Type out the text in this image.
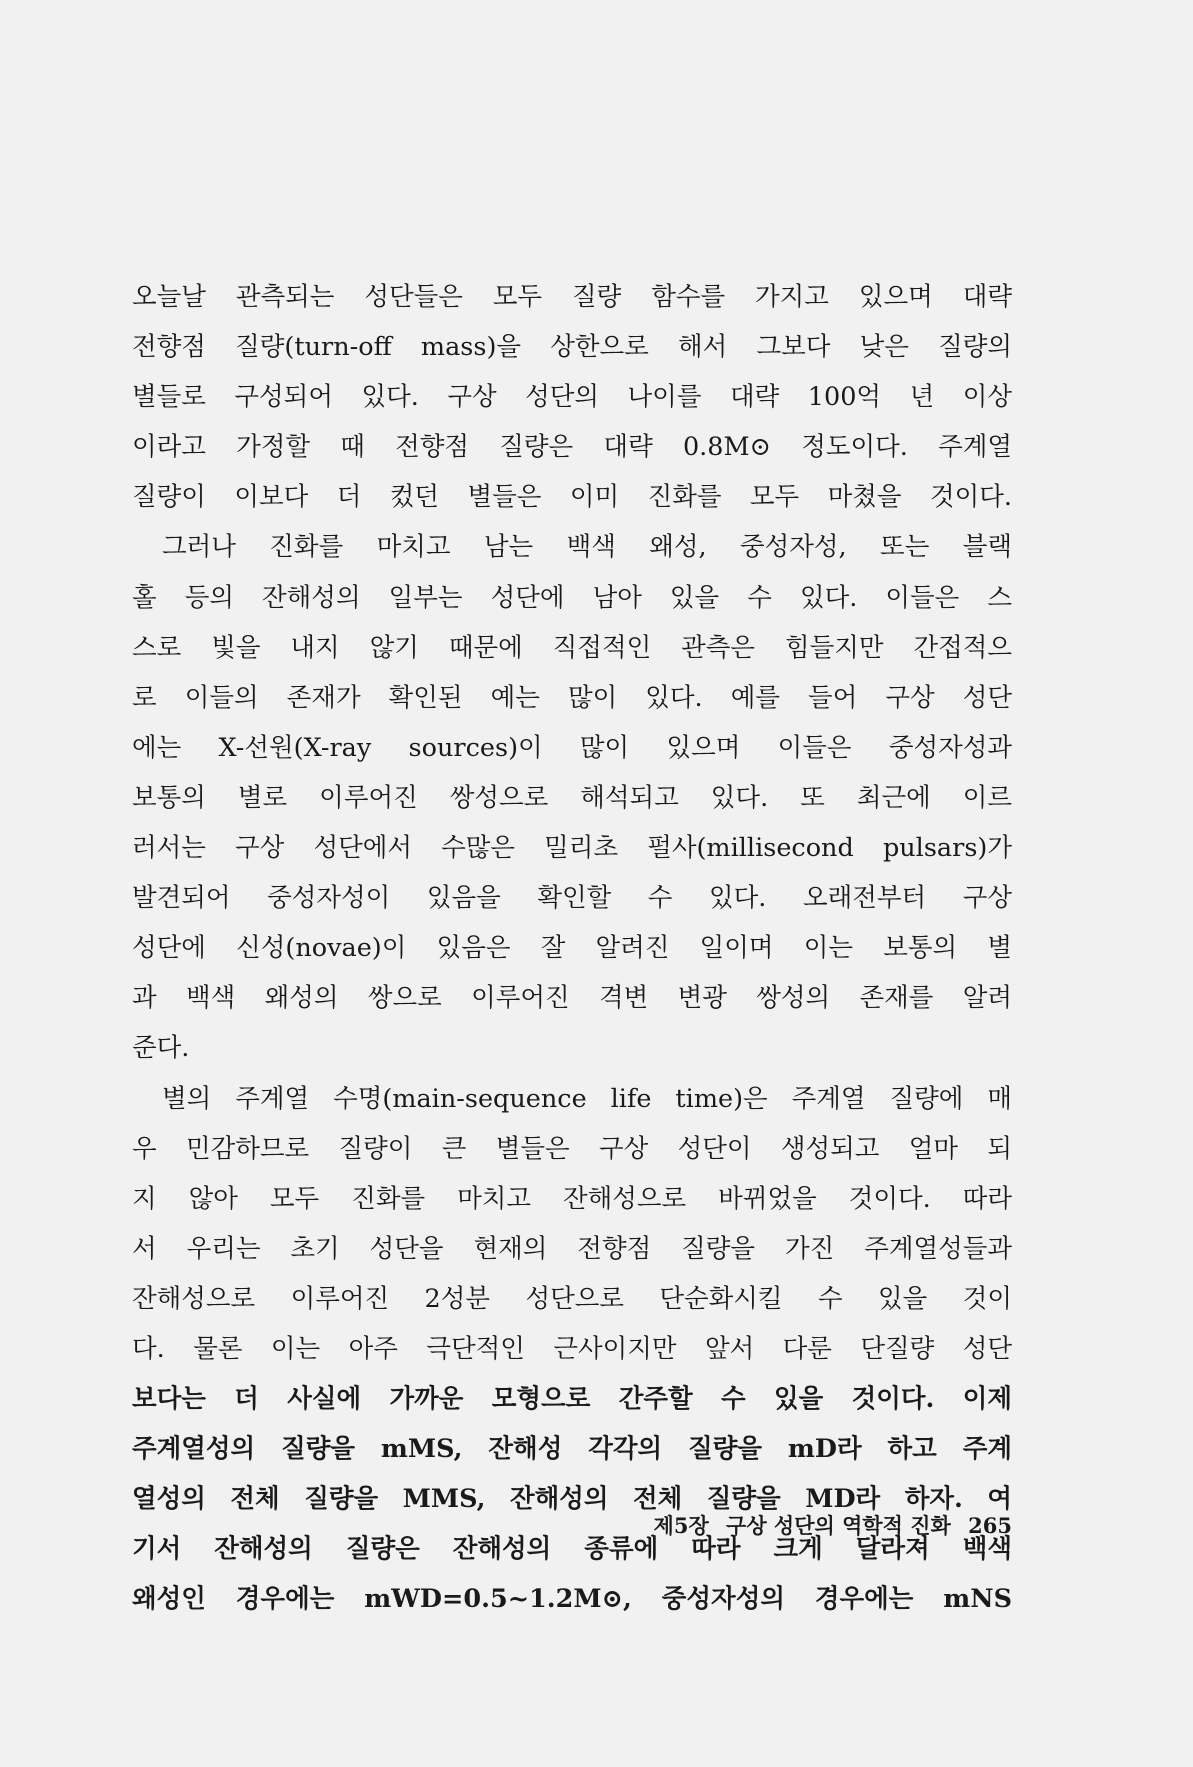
오늘날 관측되는 성단들은 모두 질량 함수를 가지고 있으며 대략
전향점 질량(turn-off mass)을 상한으로 해서 그보다 낮은 질량의
별들로 구성되어 있다. 구상 성단의 나이를 대략 100억 년 이상
이라고 가정할 때 전향점 질량은 대략 0.8M⊙ 정도이다. 주계열
질량이 이보다 더 컸던 별들은 이미 진화를 모두 마쳤을 것이다.
그러나 진화를 마치고 남는 백색 왜성, 중성자성, 또는 블랙
홀 등의 잔해성의 일부는 성단에 남아 있을 수 있다. 이들은 스
스로 빛을 내지 않기 때문에 직접적인 관측은 힘들지만 간접적으
로 이들의 존재가 확인된 예는 많이 있다. 예를 들어 구상 성단
에는 X-선원(X-ray sources)이 많이 있으며 이들은 중성자성과
보통의 별로 이루어진 쌍성으로 해석되고 있다. 또 최근에 이르
러서는 구상 성단에서 수많은 밀리초 펄사(millisecond pulsars)가
발견되어 중성자성이 있음을 확인할 수 있다. 오래전부터 구상
성단에 신성(novae)이 있음은 잘 알려진 일이며 이는 보통의 별
과 백색 왜성의 쌍으로 이루어진 격변 변광 쌍성의 존재를 알려
준다.
별의 주계열 수명(main-sequence life time)은 주계열 질량에 매
우 민감하므로 질량이 큰 별들은 구상 성단이 생성되고 얼마 되
지 않아 모두 진화를 마치고 잔해성으로 바뀌었을 것이다. 따라
서 우리는 초기 성단을 현재의 전향점 질량을 가진 주계열성들과
잔해성으로 이루어진 2성분 성단으로 단순화시킬 수 있을 것이
다. 물론 이는 아주 극단적인 근사이지만 앞서 다룬 단질량 성단
보다는 더 사실에 가까운 모형으로 간주할 수 있을 것이다. 이제
주계열성의 질량을 mMS, 잔해성 각각의 질량을 mD라 하고 주계
열성의 전체 질량을 MMS, 잔해성의 전체 질량을 MD라 하자. 여
기서 잔해성의 질량은 잔해성의 종류에 따라 크게 달라져 백색
왜성인 경우에는 mWD=0.5~1.2M⊙, 중성자성의 경우에는 mNS
제5장 구상 성단의 역학적 진화 265
